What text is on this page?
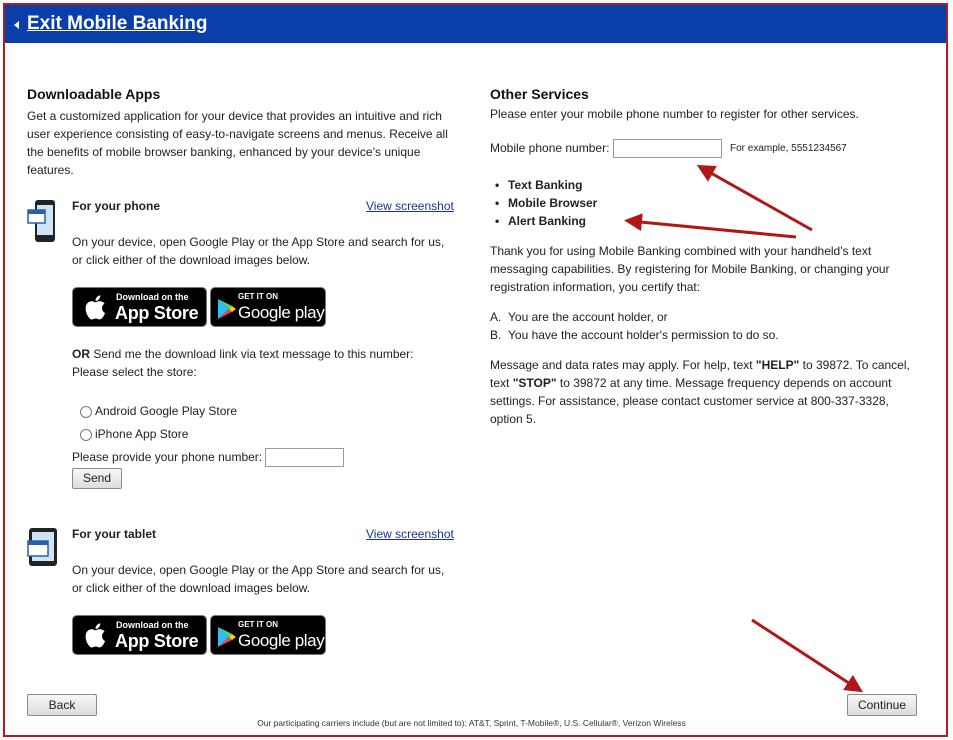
Exit Mobile Banking
Downloadable Apps
Get a customized application for your device that provides an intuitive and rich user experience consisting of easy-to-navigate screens and menus. Receive all the benefits of mobile browser banking, enhanced by your device’s unique features.
For your phone	View screenshot
On your device, open Google Play or the App Store and search for us, or click either of the download images below.
Download on the
App Store
GET IT ON
Google play
OR Send me the download link via text message to this number:
Please select the store:
Android Google Play Store
iPhone App Store
Please provide your phone number:
Send
For your tablet	View screenshot
On your device, open Google Play or the App Store and search for us, or click either of the download images below.
Download on the
App Store
GET IT ON
Google play
Other Services
Please enter your mobile phone number to register for other services.
Mobile phone number:	For example, 5551234567
• Text Banking
• Mobile Browser
• Alert Banking
Thank you for using Mobile Banking combined with your handheld's text messaging capabilities. By registering for Mobile Banking, or changing your registration information, you certify that:
A. You are the account holder, or
B. You have the account holder's permission to do so.
Message and data rates may apply. For help, text "HELP" to 39872. To cancel, text "STOP" to 39872 at any time. Message frequency depends on account settings. For assistance, please contact customer service at 800-337-3328, option 5.
Back	Continue
Our participating carriers include (but are not limited to): AT&T, Sprint, T-Mobile®, U.S. Cellular®, Verizon Wireless
